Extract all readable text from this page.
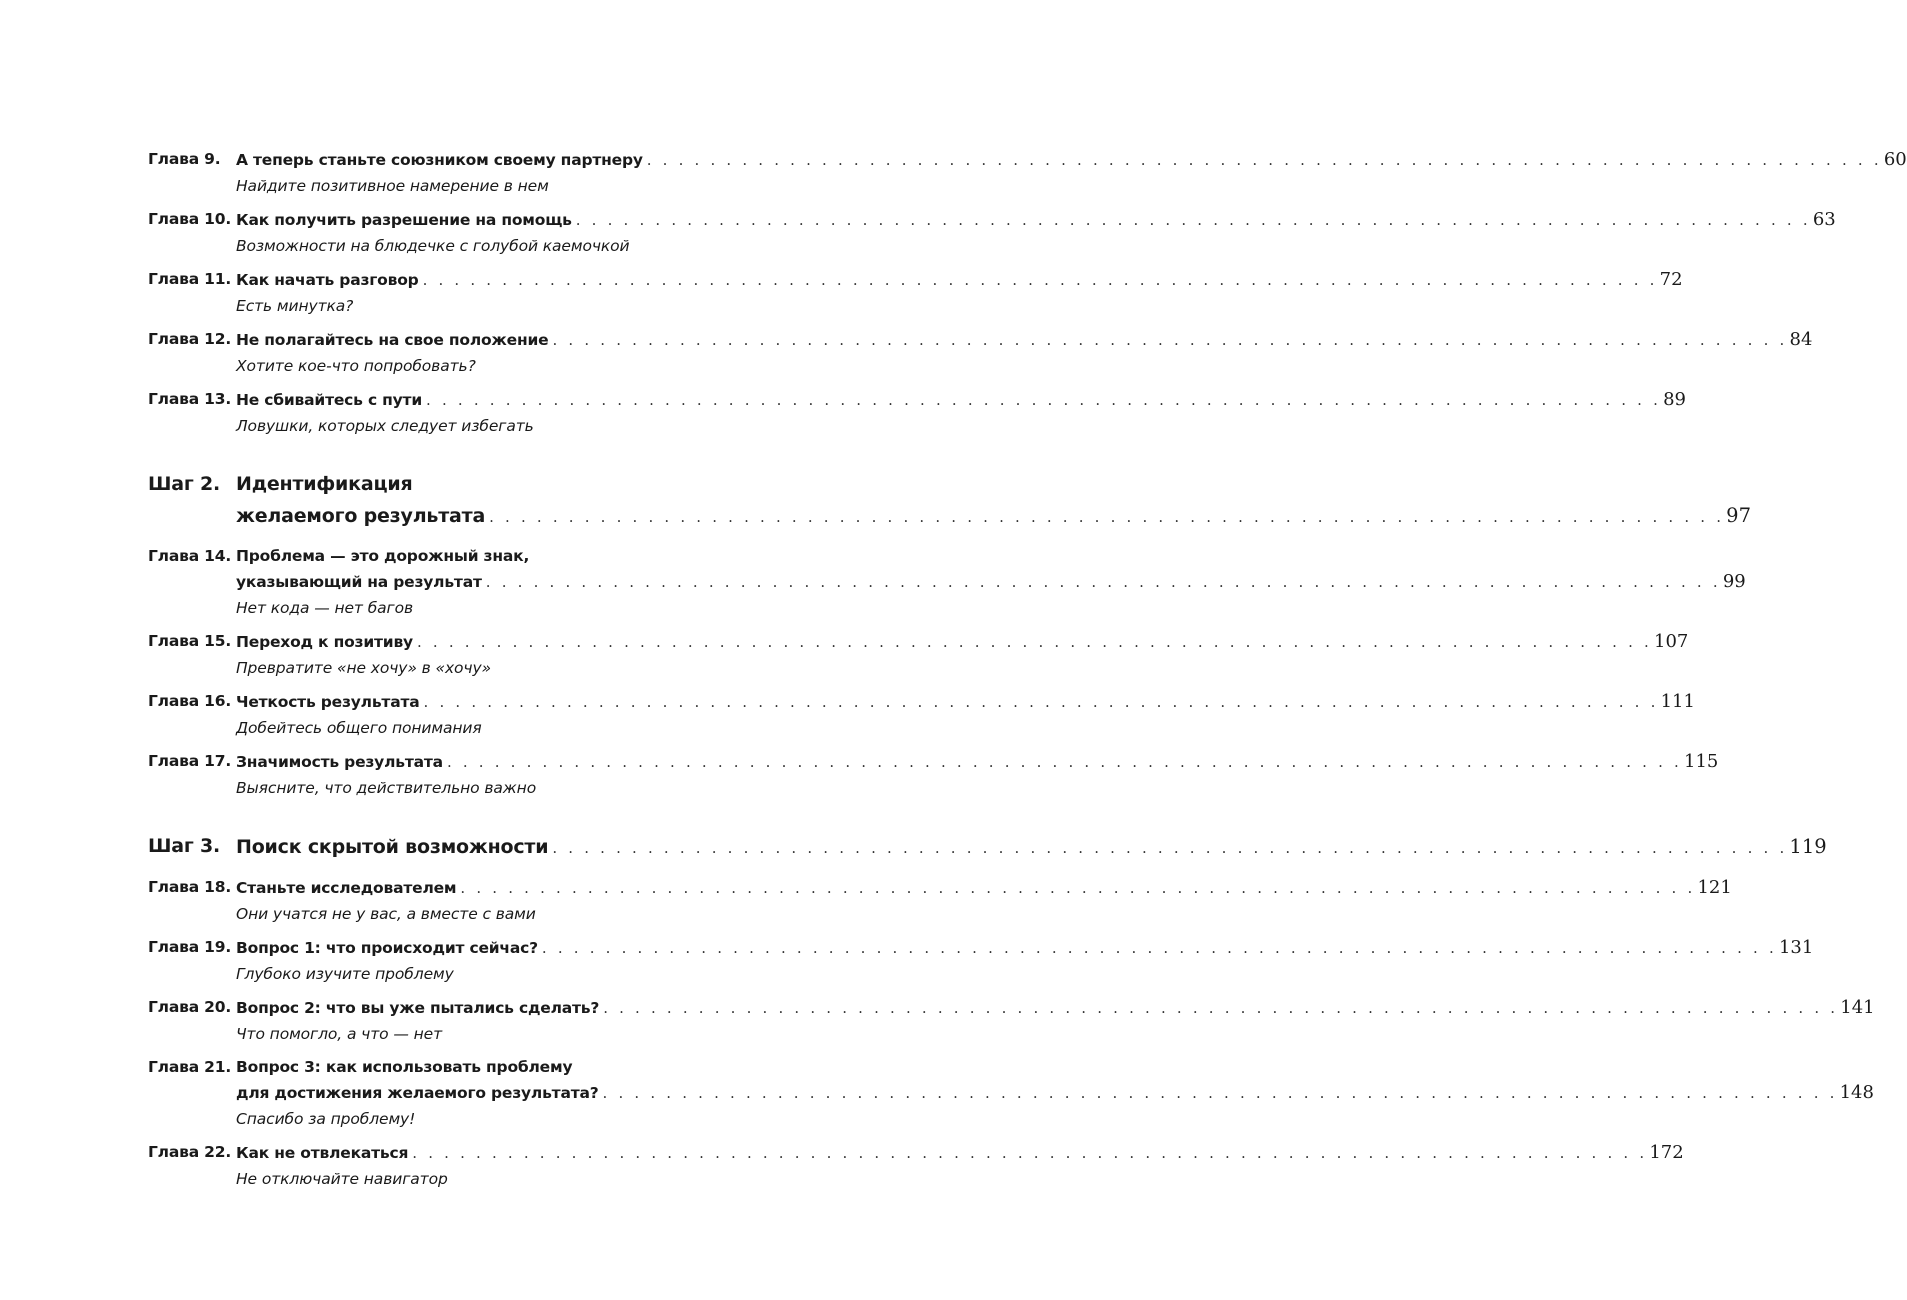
Глава 9.	А теперь станьте союзником своему партнеру . . . . . . . . . . . . . . . . . . . . . . . . . . . . . . . . . . . . . . . . . . . . . . . . . . . . . . . . . . . . . . . . . . . . . . . . . . . . . . 60
Найдите позитивное намерение в нем
Глава 10. Как получить разрешение на помощь . . . . . . . . . . . . . . . . . . . . . . . . . . . . . . . . . . . . . . . . . . . . . . . . . . . . . . . . . . . . . . . . . . . . . . . . . . . . . . 63
Возможности на блюдечке с голубой каемочкой
Глава 11. Как начать разговор . . . . . . . . . . . . . . . . . . . . . . . . . . . . . . . . . . . . . . . . . . . . . . . . . . . . . . . . . . . . . . . . . . . . . . . . . . . . . . 72
Есть минутка?
Глава 12. Не полагайтесь на свое положение . . . . . . . . . . . . . . . . . . . . . . . . . . . . . . . . . . . . . . . . . . . . . . . . . . . . . . . . . . . . . . . . . . . . . . . . . . . . . . 84
Хотите кое-что попробовать?
Глава 13. Не сбивайтесь с пути . . . . . . . . . . . . . . . . . . . . . . . . . . . . . . . . . . . . . . . . . . . . . . . . . . . . . . . . . . . . . . . . . . . . . . . . . . . . . . 89
Ловушки, которых следует избегать
Шаг 2. Идентификация
желаемого результата . . . . . . . . . . . . . . . . . . . . . . . . . . . . . . . . . . . . . . . . . . . . . . . . . . . . . . . . . . . . . . . . . . . . . . . . . . . . . . 97
Глава 14. Проблема — это дорожный знак,
указывающий на результат . . . . . . . . . . . . . . . . . . . . . . . . . . . . . . . . . . . . . . . . . . . . . . . . . . . . . . . . . . . . . . . . . . . . . . . . . . . . . . 99
Нет кода — нет багов
Глава 15. Переход к позитиву . . . . . . . . . . . . . . . . . . . . . . . . . . . . . . . . . . . . . . . . . . . . . . . . . . . . . . . . . . . . . . . . . . . . . . . . . . . . . . 107
Превратите «не хочу» в «хочу»
Глава 16. Четкость результата . . . . . . . . . . . . . . . . . . . . . . . . . . . . . . . . . . . . . . . . . . . . . . . . . . . . . . . . . . . . . . . . . . . . . . . . . . . . . . 111
Добейтесь общего понимания
Глава 17. Значимость результата . . . . . . . . . . . . . . . . . . . . . . . . . . . . . . . . . . . . . . . . . . . . . . . . . . . . . . . . . . . . . . . . . . . . . . . . . . . . . . 115
Выясните, что действительно важно
Шаг 3. Поиск скрытой возможности . . . . . . . . . . . . . . . . . . . . . . . . . . . . . . . . . . . . . . . . . . . . . . . . . . . . . . . . . . . . . . . . . . . . . . . . . . . . . . 119
Глава 18. Станьте исследователем . . . . . . . . . . . . . . . . . . . . . . . . . . . . . . . . . . . . . . . . . . . . . . . . . . . . . . . . . . . . . . . . . . . . . . . . . . . . . . 121
Они учатся не у вас, а вместе с вами
Глава 19. Вопрос 1: что происходит сейчас? . . . . . . . . . . . . . . . . . . . . . . . . . . . . . . . . . . . . . . . . . . . . . . . . . . . . . . . . . . . . . . . . . . . . . . . . . . . . . . 131
Глубоко изучите проблему
Глава 20. Вопрос 2: что вы уже пытались сделать? . . . . . . . . . . . . . . . . . . . . . . . . . . . . . . . . . . . . . . . . . . . . . . . . . . . . . . . . . . . . . . . . . . . . . . . . . . . . . . 141
Что помогло, а что — нет
Глава 21. Вопрос 3: как использовать проблему
для достижения желаемого результата? . . . . . . . . . . . . . . . . . . . . . . . . . . . . . . . . . . . . . . . . . . . . . . . . . . . . . . . . . . . . . . . . . . . . . . . . . . . . . . 148
Спасибо за проблему!
Глава 22. Как не отвлекаться . . . . . . . . . . . . . . . . . . . . . . . . . . . . . . . . . . . . . . . . . . . . . . . . . . . . . . . . . . . . . . . . . . . . . . . . . . . . . . 172
Не отключайте навигатор
